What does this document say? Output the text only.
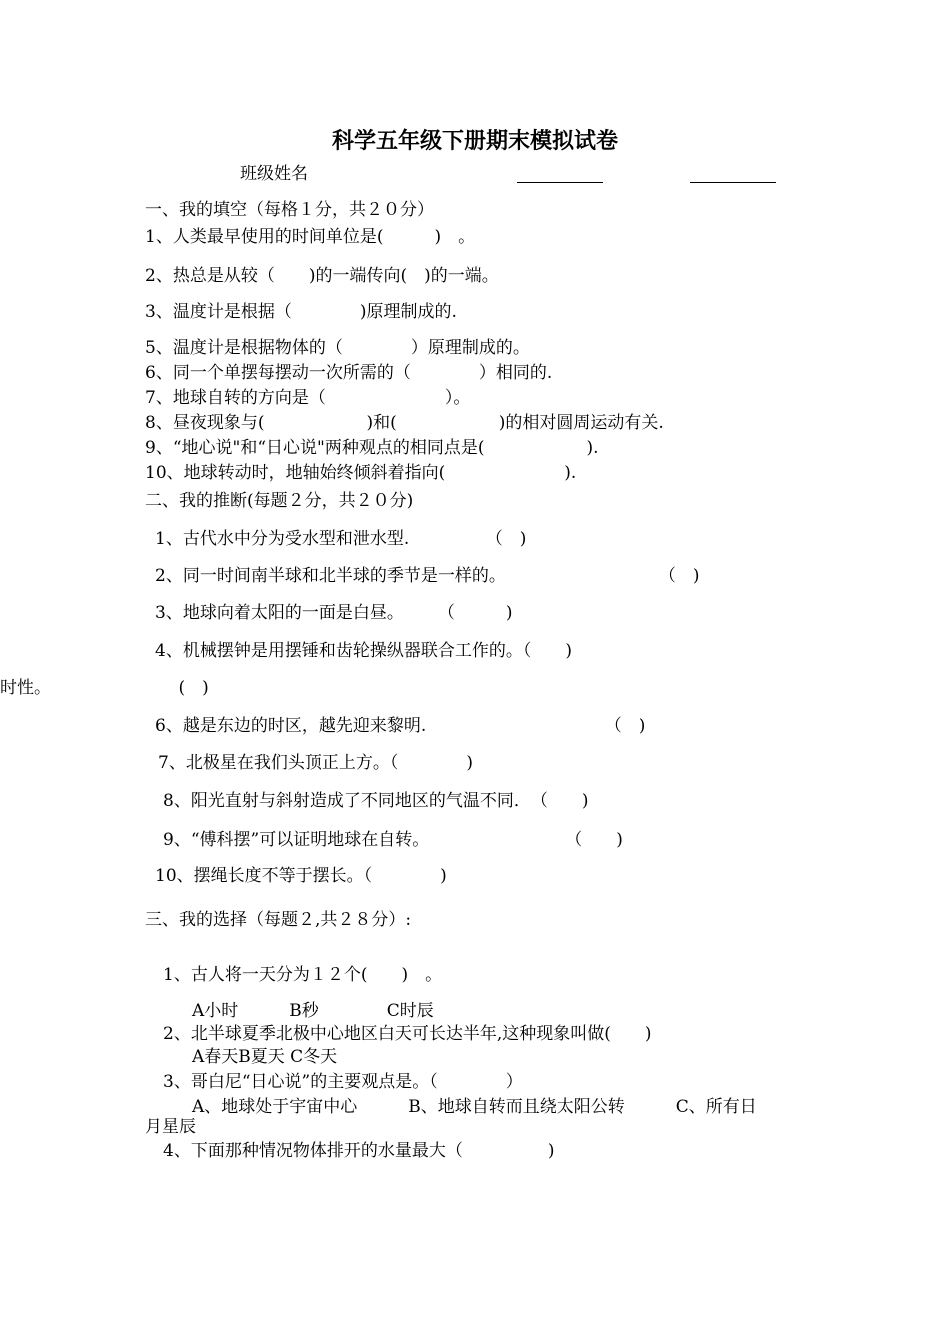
科学五年级下册期末模拟试卷
班级姓名
一、我的填空（每格１分，共２０分）
1、人类最早使用的时间单位是(　　　)　。
2、热总是从较（　　)的一端传向(　)的一端。
3、温度计是根据（　　　　)原理制成的.
5、温度计是根据物体的（　　　　）原理制成的。
6、同一个单摆每摆动一次所需的（　　　　）相同的.
7、地球自转的方向是（　　　　　　　）。
8、昼夜现象与(　　　　　　)和(　　　　　　)的相对圆周运动有关.
9、“地心说"和“日心说"两种观点的相同点是(　　　　　　).
10、地球转动时，地轴始终倾斜着指向(　　　　　　　).
二、我的推断(每题２分，共２０分)
1、古代水中分为受水型和泄水型.　　　　　（　)
2、同一时间南半球和北半球的季节是一样的。　　　　　　　　　　（　)
3、地球向着太阳的一面是白昼。　　　（　　　)
4、机械摆钟是用摆锤和齿轮操纵器联合工作的。（　　)
时性。　　　　　　　　(　)
6、越是东边的时区，越先迎来黎明.　　　　　　　　　　　（　)
7、北极星在我们头顶正上方。（　　　　)
8、阳光直射与斜射造成了不同地区的气温不同．　（　　)
9、“傅科摆”可以证明地球在自转。　　　　　　　　　（　　)
10、摆绳长度不等于摆长。（　　　　)
三、我的选择（每题２,共２８分）:
1、古人将一天分为１２个(　　)　。
A小时　　　B秒　　　　C时辰
2、北半球夏季北极中心地区白天可长达半年,这种现象叫做(　　)
A春天B夏天 C冬天
3、哥白尼“日心说”的主要观点是。（　　　　）
A、地球处于宇宙中心　　　B、地球自转而且绕太阳公转　　　C、所有日
月星辰
4、下面那种情况物体排开的水量最大（　　　　　)
